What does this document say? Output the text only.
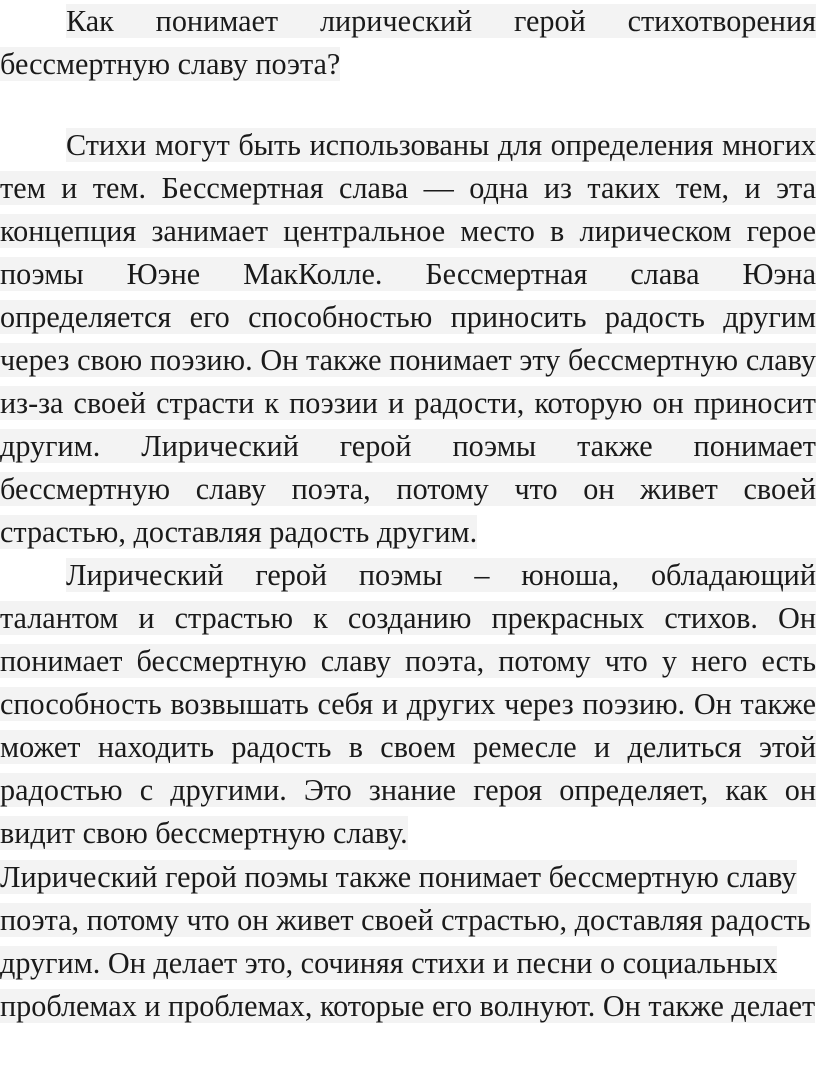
Как понимает лирический герой стихотворения бессмертную славу поэта?

Стихи могут быть использованы для определения многих тем и тем. Бессмертная слава — одна из таких тем, и эта концепция занимает центральное место в лирическом герое поэмы Юэне МакКолле. Бессмертная слава Юэна определяется его способностью приносить радость другим через свою поэзию. Он также понимает эту бессмертную славу из-за своей страсти к поэзии и радости, которую он приносит другим. Лирический герой поэмы также понимает бессмертную славу поэта, потому что он живет своей страстью, доставляя радость другим.

Лирический герой поэмы – юноша, обладающий талантом и страстью к созданию прекрасных стихов. Он понимает бессмертную славу поэта, потому что у него есть способность возвышать себя и других через поэзию. Он также может находить радость в своем ремесле и делиться этой радостью с другими. Это знание героя определяет, как он видит свою бессмертную славу.

Лирический герой поэмы также понимает бессмертную славу поэта, потому что он живет своей страстью, доставляя радость другим. Он делает это, сочиняя стихи и песни о социальных проблемах и проблемах, которые его волнуют. Он также делает
